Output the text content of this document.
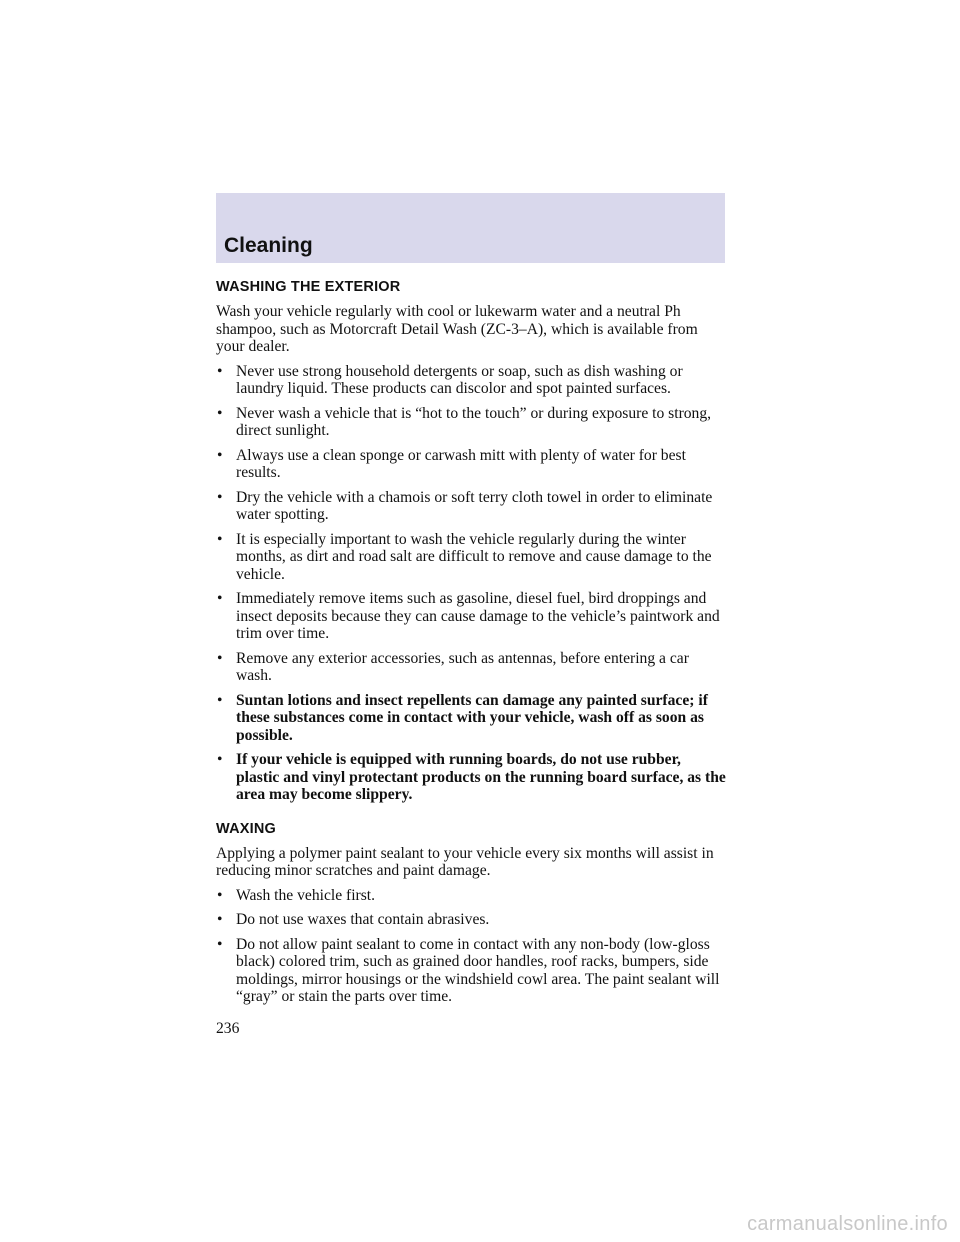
Cleaning
WASHING THE EXTERIOR

Wash your vehicle regularly with cool or lukewarm water and a neutral Ph shampoo, such as Motorcraft Detail Wash (ZC-3–A), which is available from your dealer.

• Never use strong household detergents or soap, such as dish washing or laundry liquid. These products can discolor and spot painted surfaces.
• Never wash a vehicle that is “hot to the touch” or during exposure to strong, direct sunlight.
• Always use a clean sponge or carwash mitt with plenty of water for best results.
• Dry the vehicle with a chamois or soft terry cloth towel in order to eliminate water spotting.
• It is especially important to wash the vehicle regularly during the winter months, as dirt and road salt are difficult to remove and cause damage to the vehicle.
• Immediately remove items such as gasoline, diesel fuel, bird droppings and insect deposits because they can cause damage to the vehicle’s paintwork and trim over time.
• Remove any exterior accessories, such as antennas, before entering a car wash.
• Suntan lotions and insect repellents can damage any painted surface; if these substances come in contact with your vehicle, wash off as soon as possible.
• If your vehicle is equipped with running boards, do not use rubber, plastic and vinyl protectant products on the running board surface, as the area may become slippery.
WAXING

Applying a polymer paint sealant to your vehicle every six months will assist in reducing minor scratches and paint damage.

• Wash the vehicle first.
• Do not use waxes that contain abrasives.
• Do not allow paint sealant to come in contact with any non-body (low-gloss black) colored trim, such as grained door handles, roof racks, bumpers, side moldings, mirror housings or the windshield cowl area. The paint sealant will “gray” or stain the parts over time.
236
carmanualsonline.info
